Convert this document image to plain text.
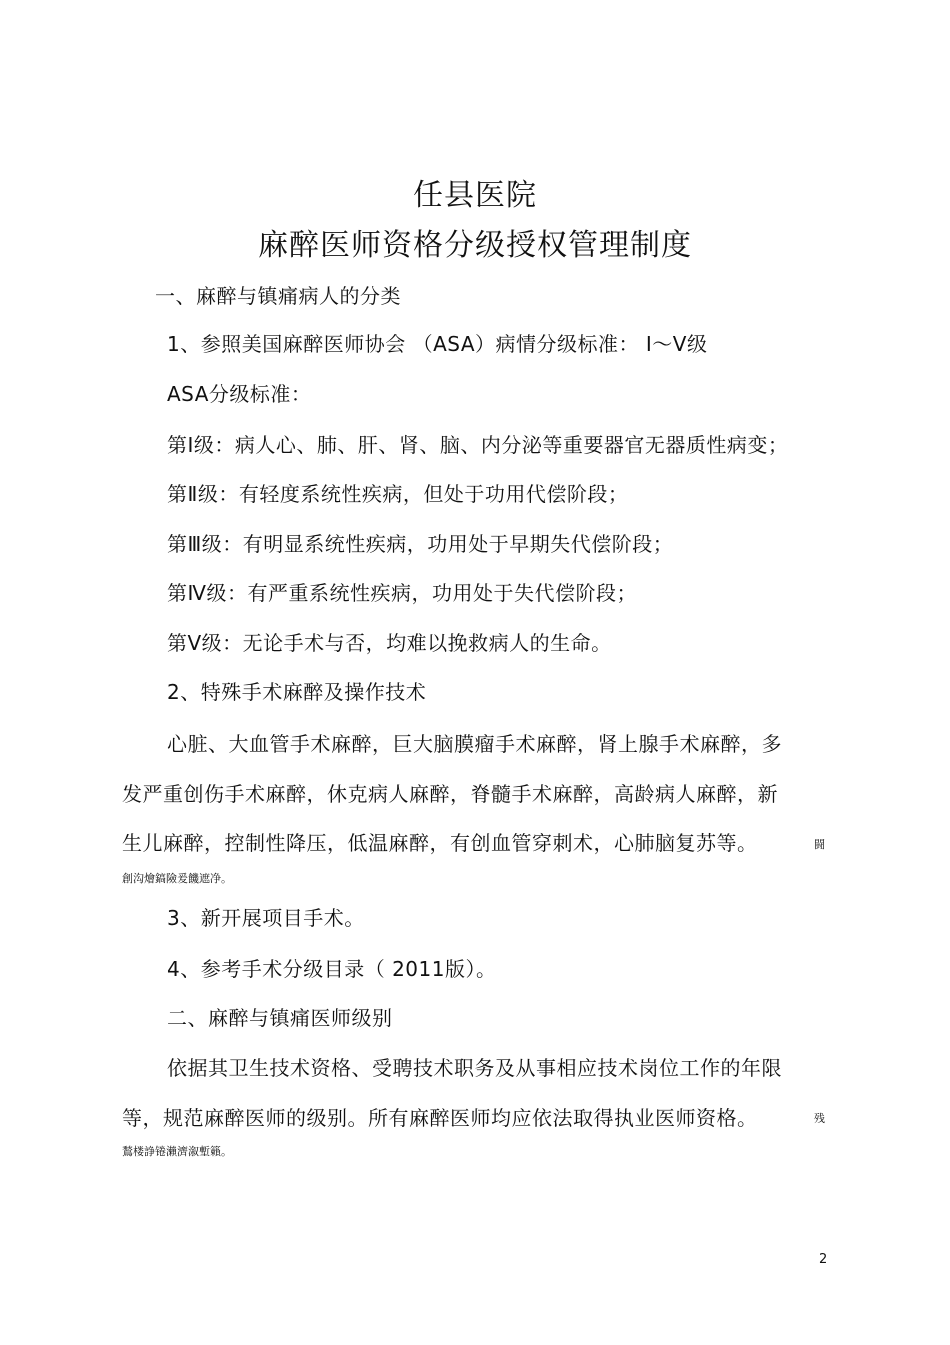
任县医院
麻醉医师资格分级授权管理制度
一、麻醉与镇痛病人的分类
1、参照美国麻醉医师协会 （ASA）病情分级标准： Ⅰ～Ⅴ级
ASA分级标准：
第Ⅰ级：病人心、肺、肝、肾、脑、内分泌等重要器官无器质性病变；
第Ⅱ级：有轻度系统性疾病，但处于功用代偿阶段；
第Ⅲ级：有明显系统性疾病，功用处于早期失代偿阶段；
第Ⅳ级：有严重系统性疾病，功用处于失代偿阶段；
第Ⅴ级：无论手术与否，均难以挽救病人的生命。
2、特殊手术麻醉及操作技术
心脏、大血管手术麻醉，巨大脑膜瘤手术麻醉，肾上腺手术麻醉，多
发严重创伤手术麻醉，休克病人麻醉，脊髓手术麻醉，高龄病人麻醉，新
生儿麻醉，控制性降压，低温麻醉，有创血管穿刺术，心肺脑复苏等。	闘
創沟燴鎬險爰饑遮净。
3、新开展项目手术。
4、参考手术分级目录（ 2011版）。
二、麻醉与镇痛医师级别
依据其卫生技术资格、受聘技术职务及从事相应技术岗位工作的年限
等，规范麻醉医师的级别。所有麻醉医师均应依法取得执业医师资格。	残
鶖楼諍锩瀨濟溆塹籟。
2
